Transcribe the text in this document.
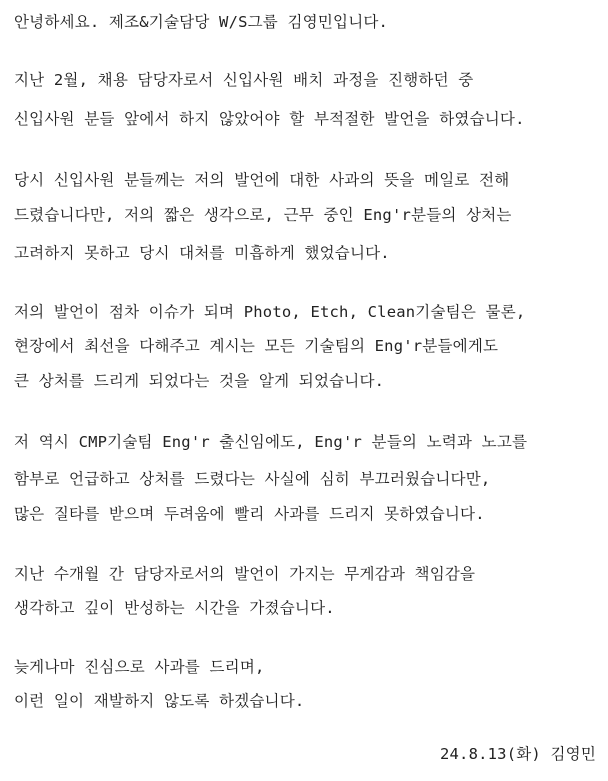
안녕하세요. 제조&기술담당 W/S그룹 김영민입니다.
지난 2월, 채용 담당자로서 신입사원 배치 과정을 진행하던 중
신입사원 분들 앞에서 하지 않았어야 할 부적절한 발언을 하였습니다.
당시 신입사원 분들께는 저의 발언에 대한 사과의 뜻을 메일로 전해
드렸습니다만, 저의 짧은 생각으로, 근무 중인 Eng'r분들의 상처는
고려하지 못하고 당시 대처를 미흡하게 했었습니다.
저의 발언이 점차 이슈가 되며 Photo, Etch, Clean기술팀은 물론,
현장에서 최선을 다해주고 계시는 모든 기술팀의 Eng'r분들에게도
큰 상처를 드리게 되었다는 것을 알게 되었습니다.
저 역시 CMP기술팀 Eng'r 출신임에도, Eng'r 분들의 노력과 노고를
함부로 언급하고 상처를 드렸다는 사실에 심히 부끄러웠습니다만,
많은 질타를 받으며 두려움에 빨리 사과를 드리지 못하였습니다.
지난 수개월 간 담당자로서의 발언이 가지는 무게감과 책임감을
생각하고 깊이 반성하는 시간을 가졌습니다.
늦게나마 진심으로 사과를 드리며,
이런 일이 재발하지 않도록 하겠습니다.
24.8.13(화) 김영민
